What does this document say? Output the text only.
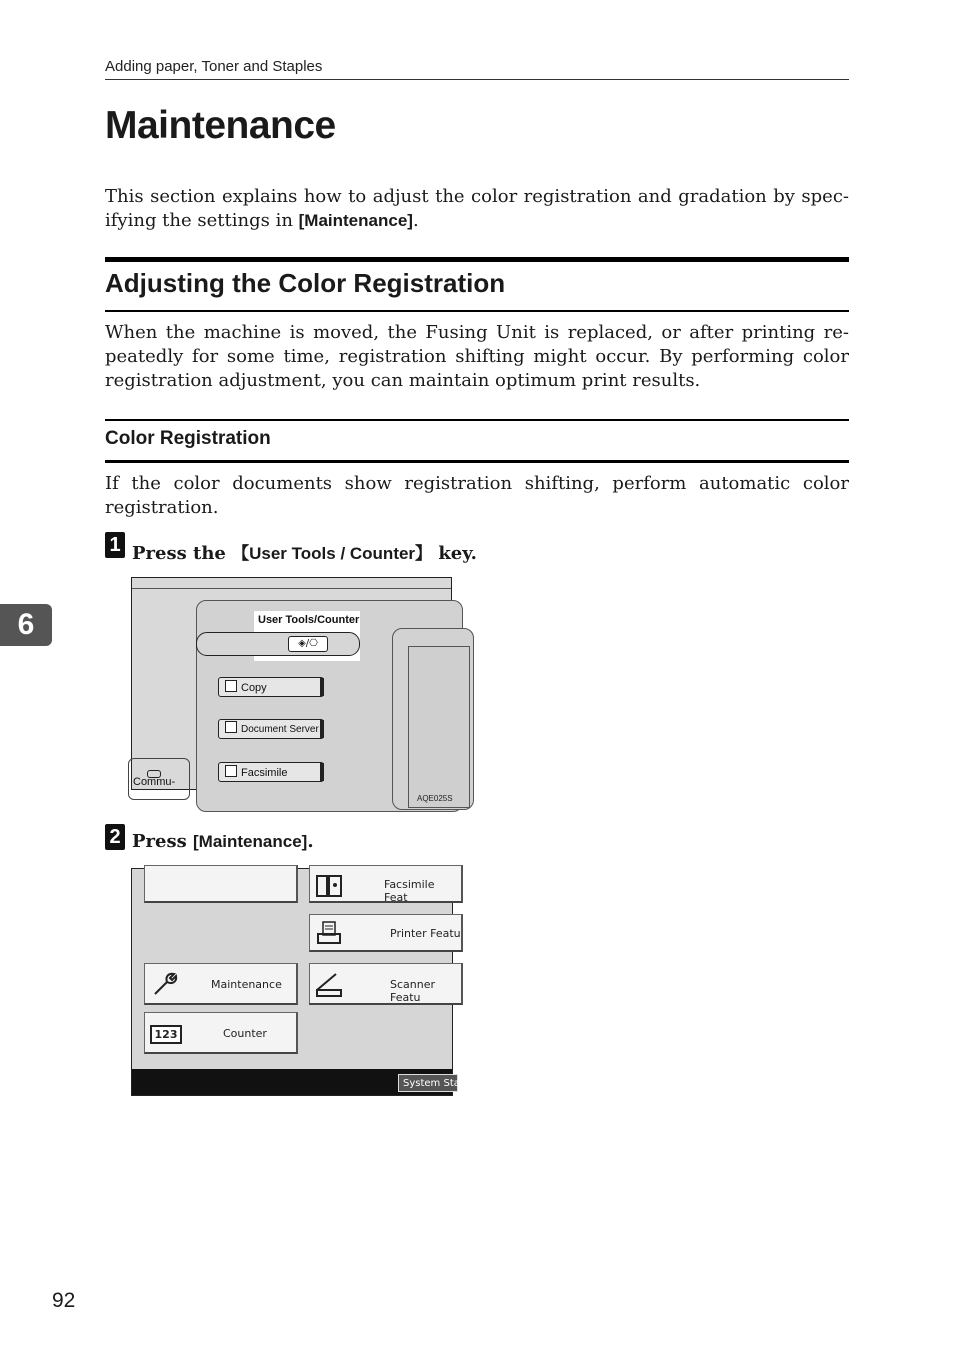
Adding paper, Toner and Staples
Maintenance
This section explains how to adjust the color registration and gradation by spec-
ifying the settings in [Maintenance].
Adjusting the Color Registration
When the machine is moved, the Fusing Unit is replaced, or after printing re-
peatedly for some time, registration shifting might occur. By performing color
registration adjustment, you can maintain optimum print results.
Color Registration
If the color documents show registration shifting, perform automatic color
registration.
1 Press the 【User Tools / Counter】 key.
User Tools/Counter
◈/⎔
Copy
Document Server
Facsimile
Commu-
AQE025S
2 Press [Maintenance].
Facsimile Feat
Printer Featu
Maintenance	Scanner Featu
123	Counter
System Statu
6
92
